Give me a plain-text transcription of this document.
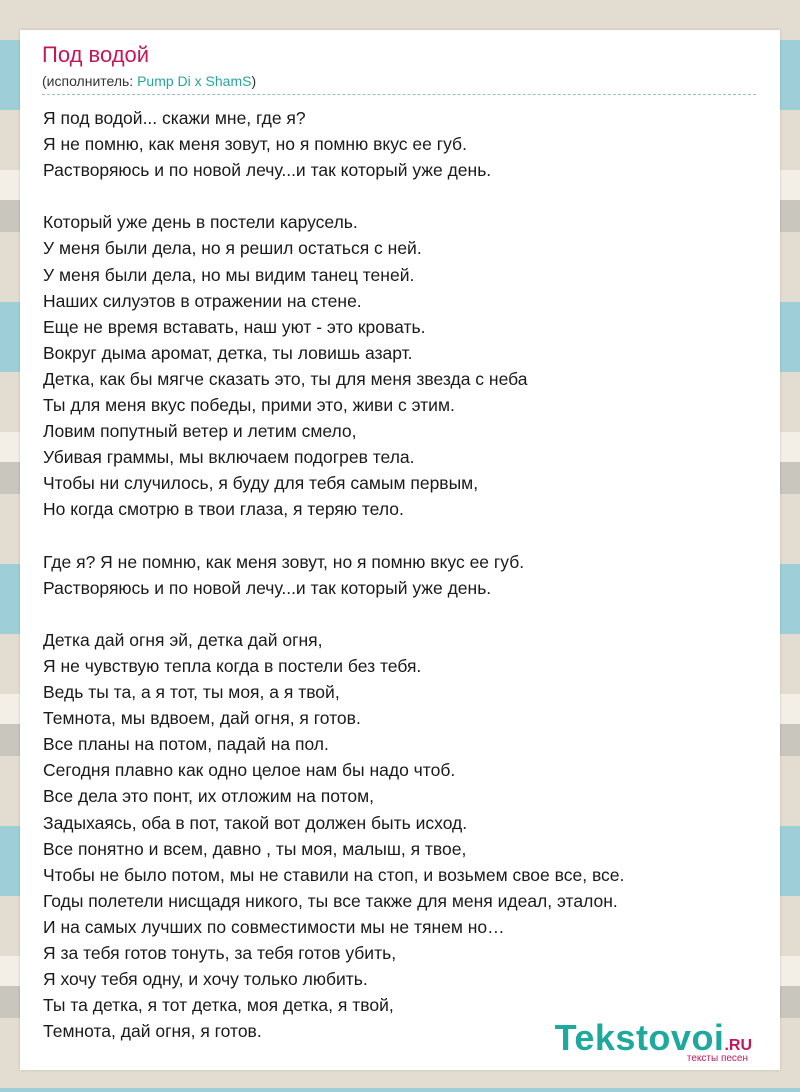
Под водой
(исполнитель: Pump Di x ShamS)
Я под водой... скажи мне, где я?
Я не помню, как меня зовут, но я помню вкус ее губ.
Растворяюсь и по новой лечу...и так который уже день.
Который уже день в постели карусель.
У меня были дела, но я решил остаться с ней.
У меня были дела, но мы видим танец теней.
Наших силуэтов в отражении на стене.
Еще не время вставать, наш уют - это кровать.
Вокруг дыма аромат, детка, ты ловишь азарт.
Детка, как бы мягче сказать это, ты для меня звезда с неба
Ты для меня вкус победы, прими это, живи с этим.
Ловим попутный ветер и летим смело,
Убивая граммы, мы включаем подогрев тела.
Чтобы ни случилось, я буду для тебя самым первым,
Но когда смотрю в твои глаза, я теряю тело.
Где я? Я не помню, как меня зовут, но я помню вкус ее губ.
Растворяюсь и по новой лечу...и так который уже день.
Детка дай огня эй, детка дай огня,
Я не чувствую тепла когда в постели без тебя.
Ведь ты та, а я тот, ты моя, а я твой,
Темнота, мы вдвоем, дай огня, я готов.
Все планы на потом, падай на пол.
Сегодня плавно как одно целое нам бы надо чтоб.
Все дела это понт, их отложим на потом,
Задыхаясь, оба в пот, такой вот должен быть исход.
Все понятно и всем, давно , ты моя, малыш, я твое,
Чтобы не было потом, мы не ставили на стоп, и возьмем свое все, все.
Годы полетели нисщадя никого, ты все также для меня идеал, эталон.
И на самых лучших по совместимости мы не тянем но…
Я за тебя готов тонуть, за тебя готов убить,
Я хочу тебя одну, и хочу только любить.
Ты та детка, я тот детка, моя детка, я твой,
Темнота, дай огня, я готов.	Tekstovoi.RU
тексты песен
